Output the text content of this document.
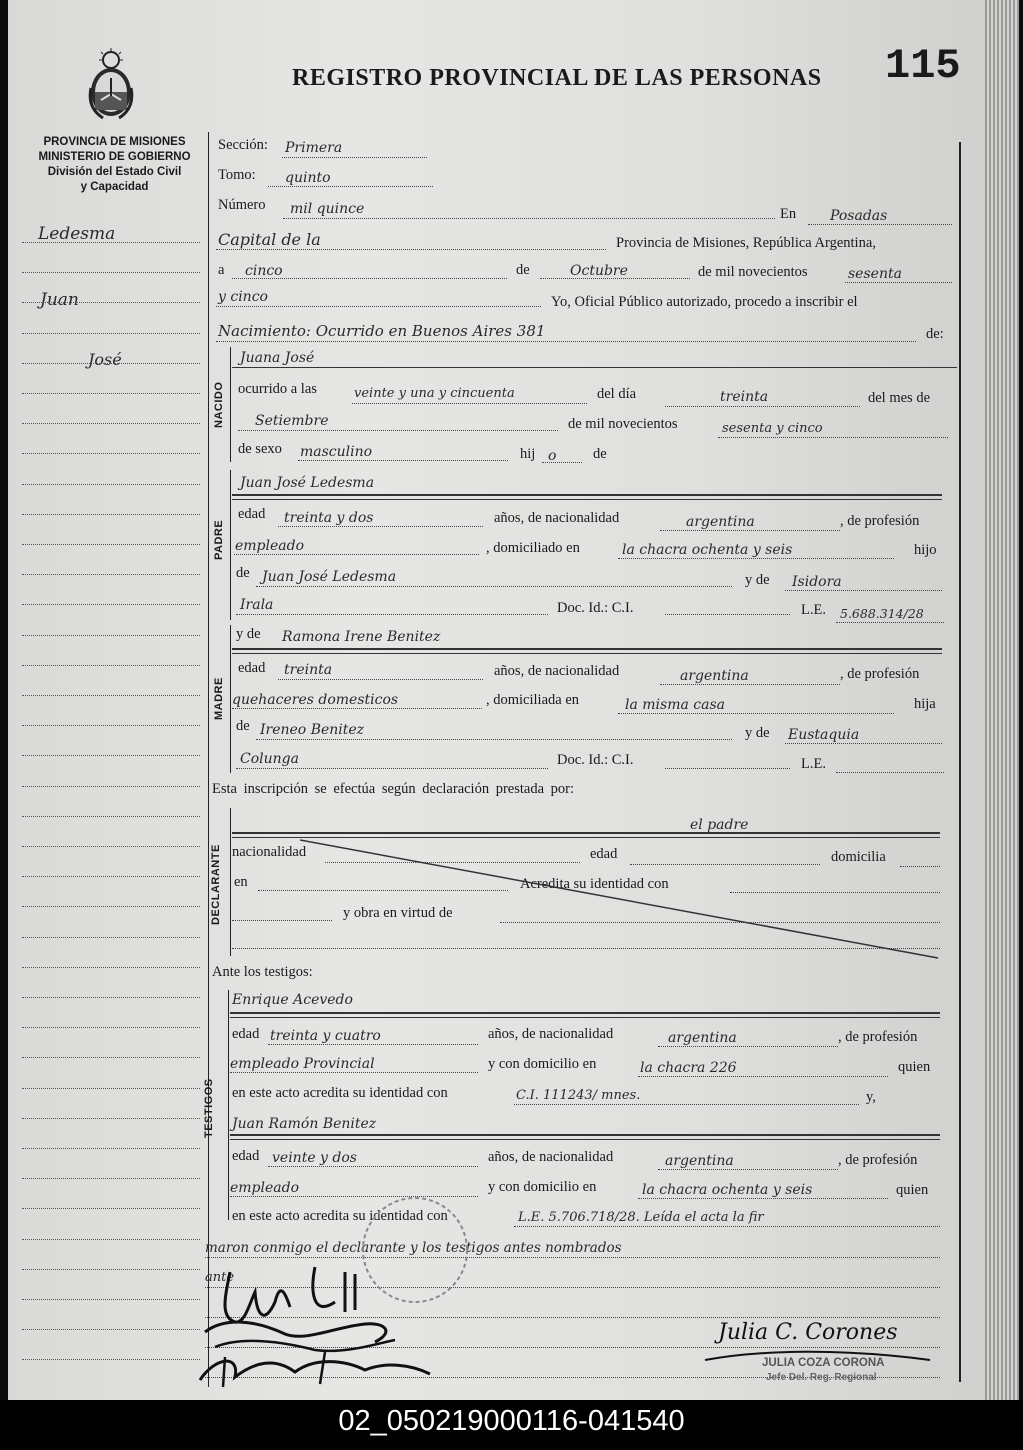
REGISTRO PROVINCIAL DE LAS PERSONAS 115
PROVINCIA DE MISIONES
MINISTERIO DE GOBIERNO
División del Estado Civil
y Capacidad
Ledesma
Juan
José
Sección: Primera
Tomo: quinto
Número mil quince	En Posadas
Capital de la	Provincia de Misiones, República Argentina,
a cinco	de	Octubre	de mil novecientos	sesenta
y cinco	Yo, Oficial Público autorizado, procedo a inscribir el
Nacimiento: Ocurrido en Buenos Aires 381	de:
NACIDO
Juana José
ocurrido a las	veinte y una y cincuenta	del día	treinta	del mes de
Setiembre	de mil novecientos	sesenta y cinco
de sexo masculino	hij o	de
PADRE
Juan José Ledesma
edad treinta y dos	años, de nacionalidad	argentina	, de profesión
empleado	, domiciliado en	la chacra ochenta y seis	hijo
de Juan José Ledesma	y de Isidora
Irala	Doc. Id.: C.I.	L.E. 5.688.314/28
MADRE
y de Ramona Irene Benitez
edad treinta	años, de nacionalidad	argentina	, de profesión
quehaceres domesticos	, domiciliada en	la misma casa	hija
de Ireneo Benitez	y de Eustaquia
Colunga	Doc. Id.: C.I.	L.E.
Esta inscripción se efectúa según declaración prestada por:
DECLARANTE
el padre
nacionalidad	edad	domicilia
en	Acredita su identidad con
y obra en virtud de
Ante los testigos:
TESTIGOS
Enrique Acevedo
edad treinta y cuatro	años, de nacionalidad	argentina	, de profesión
empleado Provincial	y con domicilio en	la chacra 226	quien
en este acto acredita su identidad con	C.I. 111243/ mnes.	y,
Juan Ramón Benitez
edad veinte y dos	años, de nacionalidad	argentina	, de profesión
empleado	y con domicilio en	la chacra ochenta y seis	quien
en este acto acredita su identidad con	L.E. 5.706.718/28. Leída el acta la fir
maron conmigo el declarante y los testigos antes nombrados
ante
Julia C. Corones
JULIA COZA CORONA
Jefe Del. Reg. Regional
02_050219000116-041540
